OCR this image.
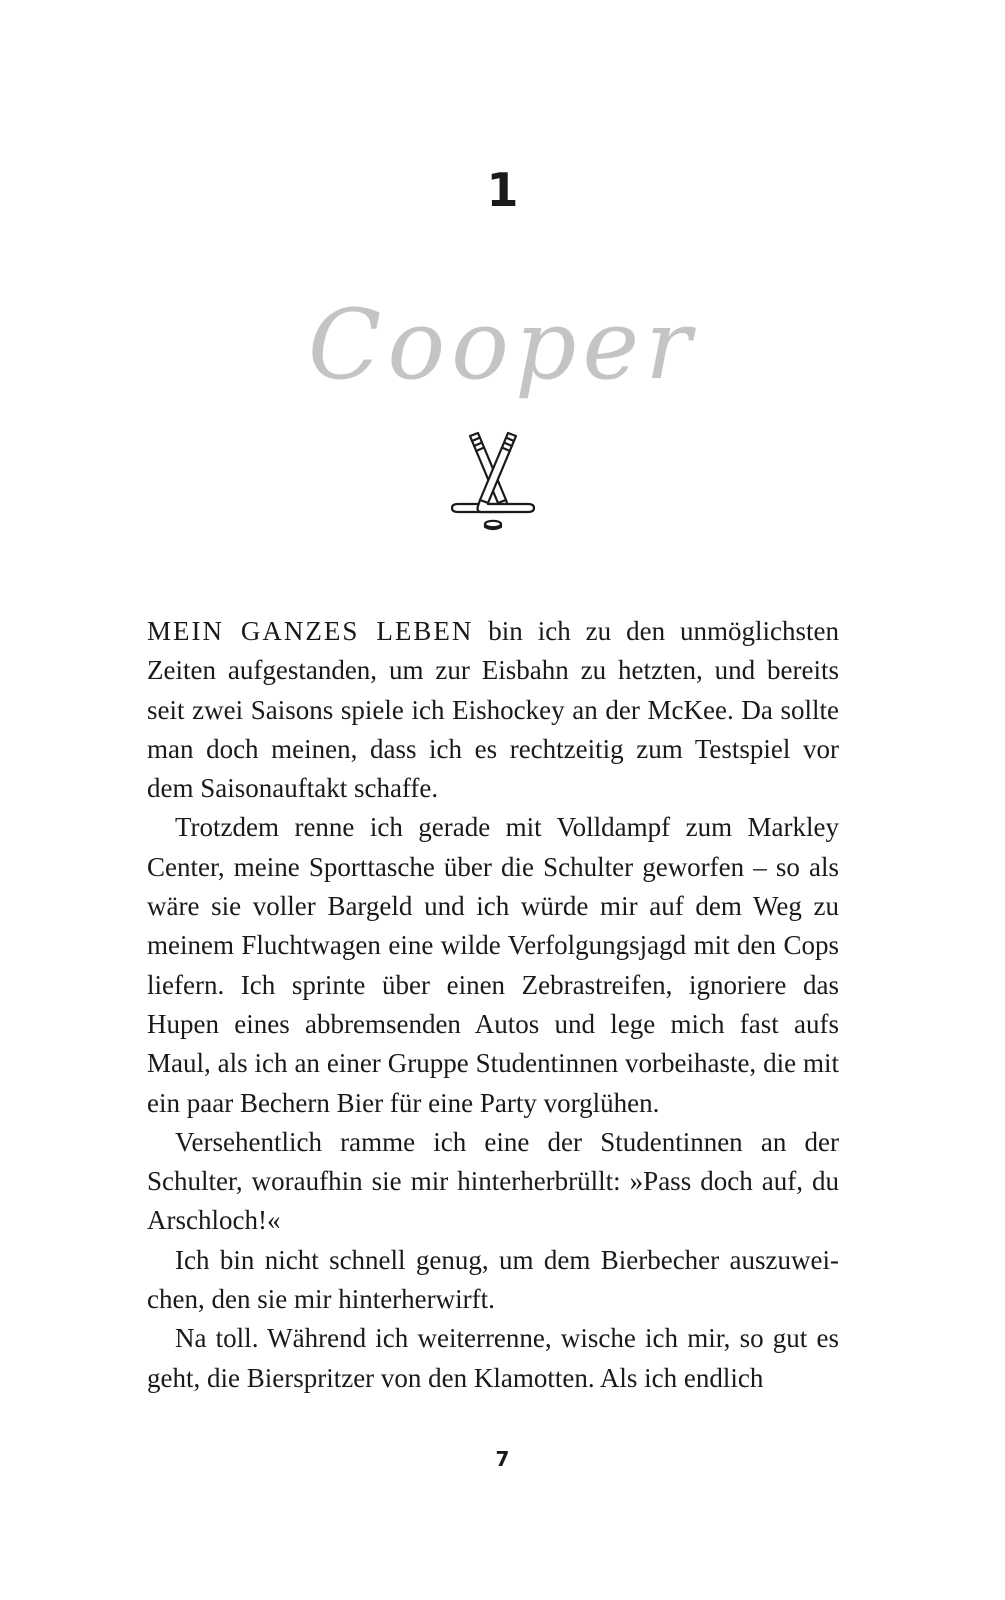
1
Cooper

MEIN GANZES LEBEN bin ich zu den unmöglichsten Zeiten aufgestanden, um zur Eisbahn zu hetzten, und bereits seit zwei Saisons spiele ich Eishockey an der McKee. Da sollte man doch meinen, dass ich es rechtzeitig zum Testspiel vor dem Saisonauftakt schaffe.

Trotzdem renne ich gerade mit Volldampf zum Markley Center, meine Sporttasche über die Schulter geworfen – so als wäre sie voller Bargeld und ich würde mir auf dem Weg zu meinem Fluchtwagen eine wilde Verfolgungsjagd mit den Cops liefern. Ich sprinte über einen Zebrastreifen, ignoriere das Hupen eines abbremsenden Autos und lege mich fast aufs Maul, als ich an einer Gruppe Studentinnen vorbeihaste, die mit ein paar Bechern Bier für eine Party vorglühen.

Versehentlich ramme ich eine der Studentinnen an der Schulter, woraufhin sie mir hinterherbrüllt: »Pass doch auf, du Arschloch!«

Ich bin nicht schnell genug, um dem Bierbecher auszuweichen, den sie mir hinterherwirft.

Na toll. Während ich weiterrenne, wische ich mir, so gut es geht, die Bierspritzer von den Klamotten. Als ich endlich

7
